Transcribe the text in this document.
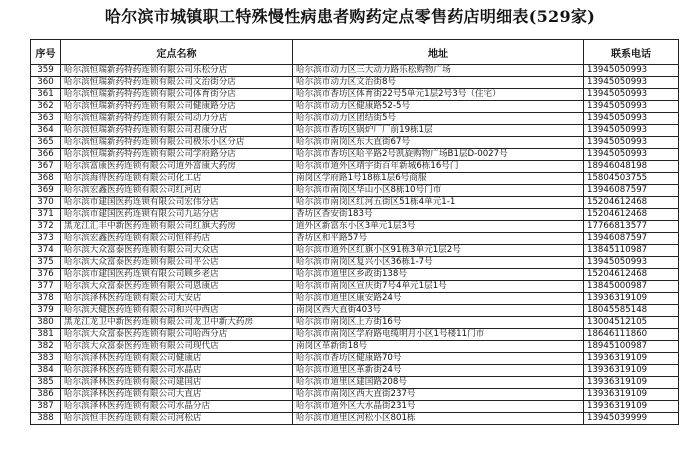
哈尔滨市城镇职工特殊慢性病患者购药定点零售药店明细表(529家)
序号	定点名称	地址	联系电话
359	哈尔滨恒瑞新药特药连锁有限公司乐松分店	哈尔滨市动力区三大动力路乐松购物广场	13945050993
360	哈尔滨恒瑞新药特药连锁有限公司文治街分店	哈尔滨市动力区文治街8号	13945050993
361	哈尔滨恒瑞新药特药连锁有限公司体育街分店	哈尔滨市香坊区体育街22号5单元1层2号3号（住宅）	13945050993
362	哈尔滨恒瑞新药特药连锁有限公司健康路分店	哈尔滨市动力区健康路52-5号	13945050993
363	哈尔滨恒瑞新药特药连锁有限公司动力分店	哈尔滨市动力区团结街5号	13945050993
364	哈尔滨恒瑞新药特药连锁有限公司君康分店	哈尔滨市香坊区锅炉厂厂前19栋1层	13945050993
365	哈尔滨恒瑞新药特药连锁有限公司极乐小区分店	哈尔滨市南岗区东大直街67号	13945050993
366	哈尔滨恒瑞新药特药连锁有限公司学府路分店	哈尔滨市香坊区哈平路2号凯旋购物广场B1层D-0027号	13945050993
367	哈尔滨富康医药连锁有限公司道外富康大药房	哈尔滨市道外区靖宇街百年新城6栋16号门	18946048198
368	哈尔滨海得医药连锁有限公司化工店	南岗区学府路1号18栋1层6号商服	15804503755
369	哈尔滨宏鑫医药连锁有限公司红河店	哈尔滨市南岗区华山小区8栋10号门市	13946087597
370	哈尔滨市建国医药连锁有限公司宏伟分店	哈尔滨市南岗区红河五街区51栋4单元1-1	15204612468
371	哈尔滨市建国医药连锁有限公司九站分店	香坊区香安街183号	15204612468
372	黑龙江汇丰中新医药连锁有限公司红旗大药房	道外区新富东小区3单元1层3号	17766813577
373	哈尔滨宏鑫医药连锁有限公司恒祥药店	香坊区和平路57号	13946087597
374	哈尔滨大众富泰医药连锁有限公司大众店	哈尔滨市道外区红旗小区91栋3单元1层2号	13845110987
375	哈尔滨大众富泰医药连锁有限公司平公店	哈尔滨市南岗区复兴小区36栋1-7号	13945050993
376	哈尔滨市建国医药连锁有限公司顾乡老店	哈尔滨市道里区乡政街138号	15204612468
377	哈尔滨大众富泰医药连锁有限公司恩康店	哈尔滨市南岗区宣庆街7号4单元1层1号	13845000987
378	哈尔滨泽林医药连锁有限公司大安店	哈尔滨市道里区康安路24号	13936319109
379	哈尔滨天健医药连锁有限公司和兴中西店	南岗区西大直街403号	18045585148
380	黑龙江龙卫中新医药连锁有限公司龙卫中新大药房	哈尔滨市南岗区上方街16号	13004512105
381	哈尔滨大众富泰医药连锁有限公司哈西分店	哈尔滨市南岗区学府路电缆明月小区1号楼11门市	18646111860
382	哈尔滨大众富泰医药连锁有限公司现代店	南岗区革新街18号	18945100987
383	哈尔滨泽林医药连锁有限公司健康店	哈尔滨市香坊区健康路70号	13936319109
384	哈尔滨泽林医药连锁有限公司水晶店	哈尔滨市道里区革新街24号	13936319109
385	哈尔滨泽林医药连锁有限公司建国店	哈尔滨市道里区建国路208号	13936319109
386	哈尔滨泽林医药连锁有限公司大直店	哈尔滨市南岗区西大直街237号	13936319109
387	哈尔滨泽林医药连锁有限公司水晶分店	哈尔滨市道外区大水晶街231号	13936319109
388	哈尔滨恒丰医药连锁有限公司河松店	哈尔滨市道里区河松小区801栋	13945039999
